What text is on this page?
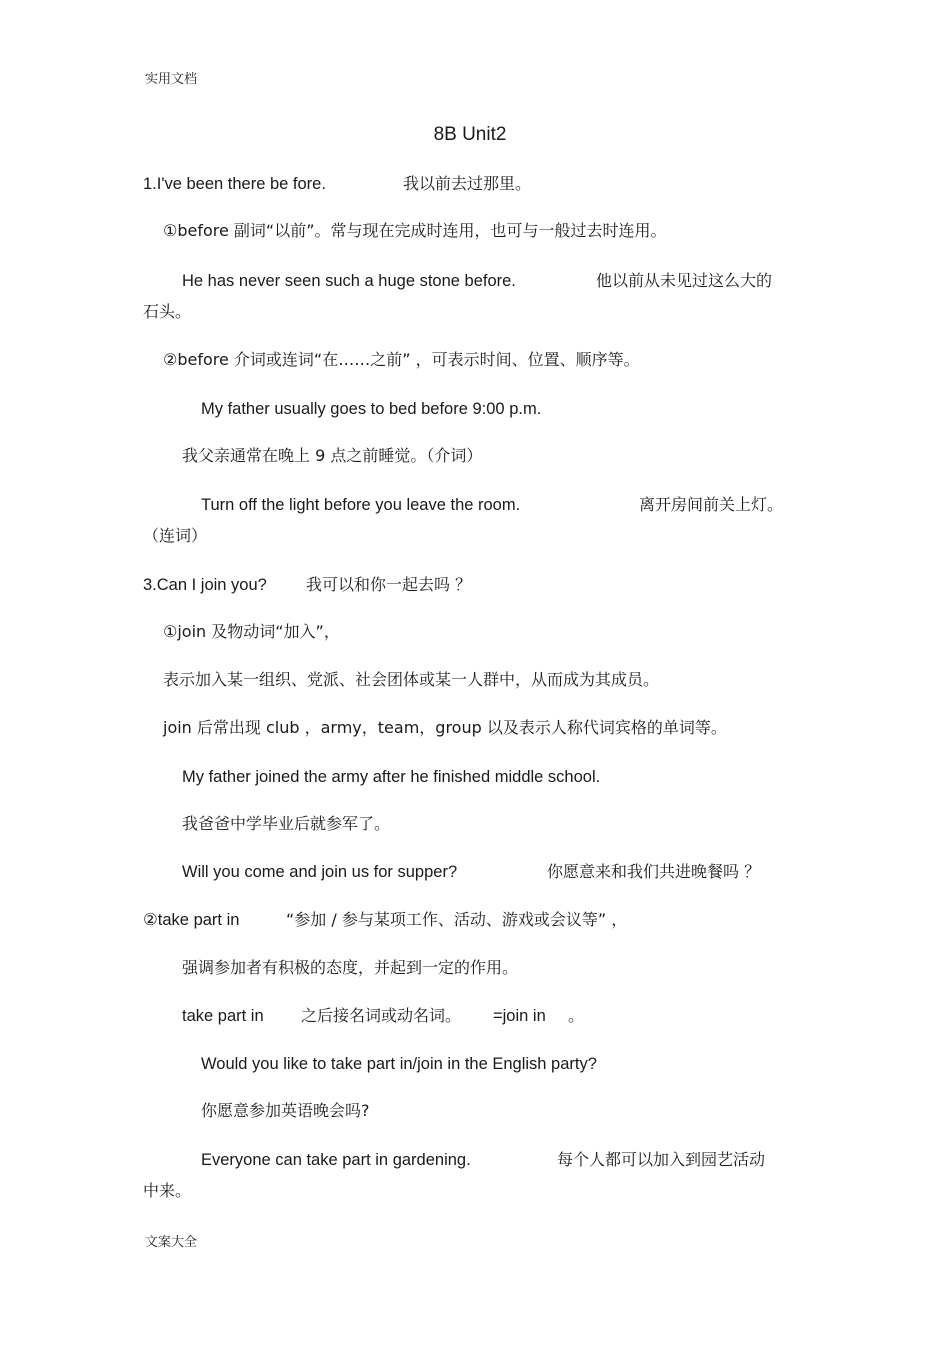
实用文档
8B Unit2
1.I've been there be fore.	我以前去过那里。
①before 副词“以前”。常与现在完成时连用，也可与一般过去时连用。
He has never seen such a huge stone before.	他以前从未见过这么大的
石头。
②before 介词或连词“在……之前” ，可表示时间、位置、顺序等。
My father usually goes to bed before 9:00 p.m.
我父亲通常在晚上 9 点之前睡觉。（介词）
Turn off the light before you leave the room.	离开房间前关上灯。
（连词）
3.Can I join you? 我可以和你一起去吗 ？
①join 及物动词“加入”，
表示加入某一组织、党派、社会团体或某一人群中，从而成为其成员。
join 后常出现 club ，army，team，group 以及表示人称代词宾格的单词等。
My father joined the army after he finished middle school.
我爸爸中学毕业后就参军了。
Will you come and join us for supper?	你愿意来和我们共进晚餐吗 ？
②take part in	“参加 / 参与某项工作、活动、游戏或会议等” ，
强调参加者有积极的态度，并起到一定的作用。
take part in 之后接名词或动名词。 =join in 。
Would you like to take part in/join in the English party?
你愿意参加英语晚会吗?
Everyone can take part in gardening.	每个人都可以加入到园艺活动
中来。
文案大全
